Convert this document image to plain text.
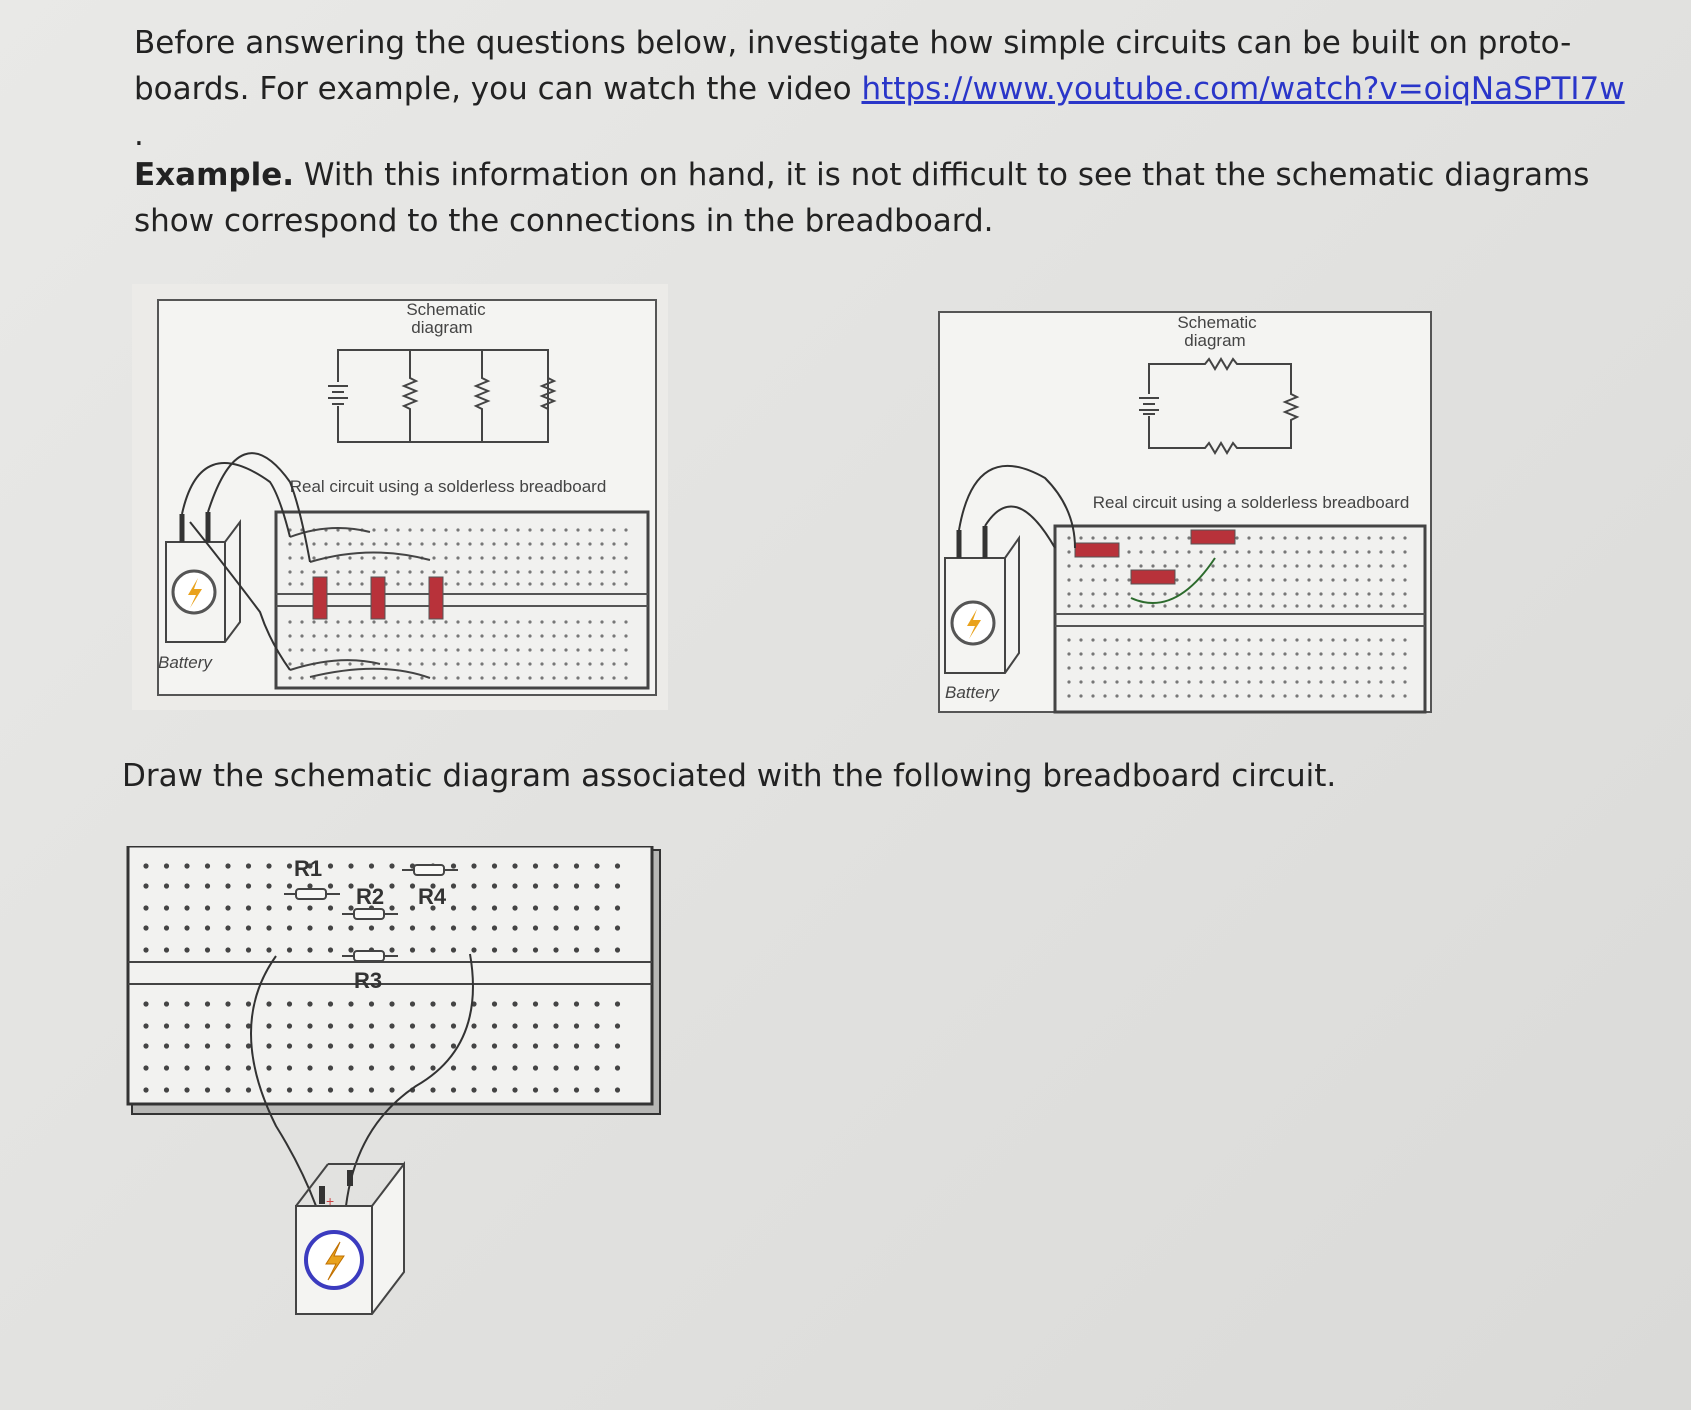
Before answering the questions below, investigate how simple circuits can be built on proto-boards. For example, you can watch the video https://www.youtube.com/watch?v=oiqNaSPTI7w .
Example. With this information on hand, it is not difficult to see that the schematic diagrams show correspond to the connections in the breadboard.
Schematic
diagram
Real circuit using a solderless breadboard
Battery
Schematic
diagram
Real circuit using a solderless breadboard
Battery
Draw the schematic diagram associated with the following breadboard circuit.
R1
R2 R4
R3
+
